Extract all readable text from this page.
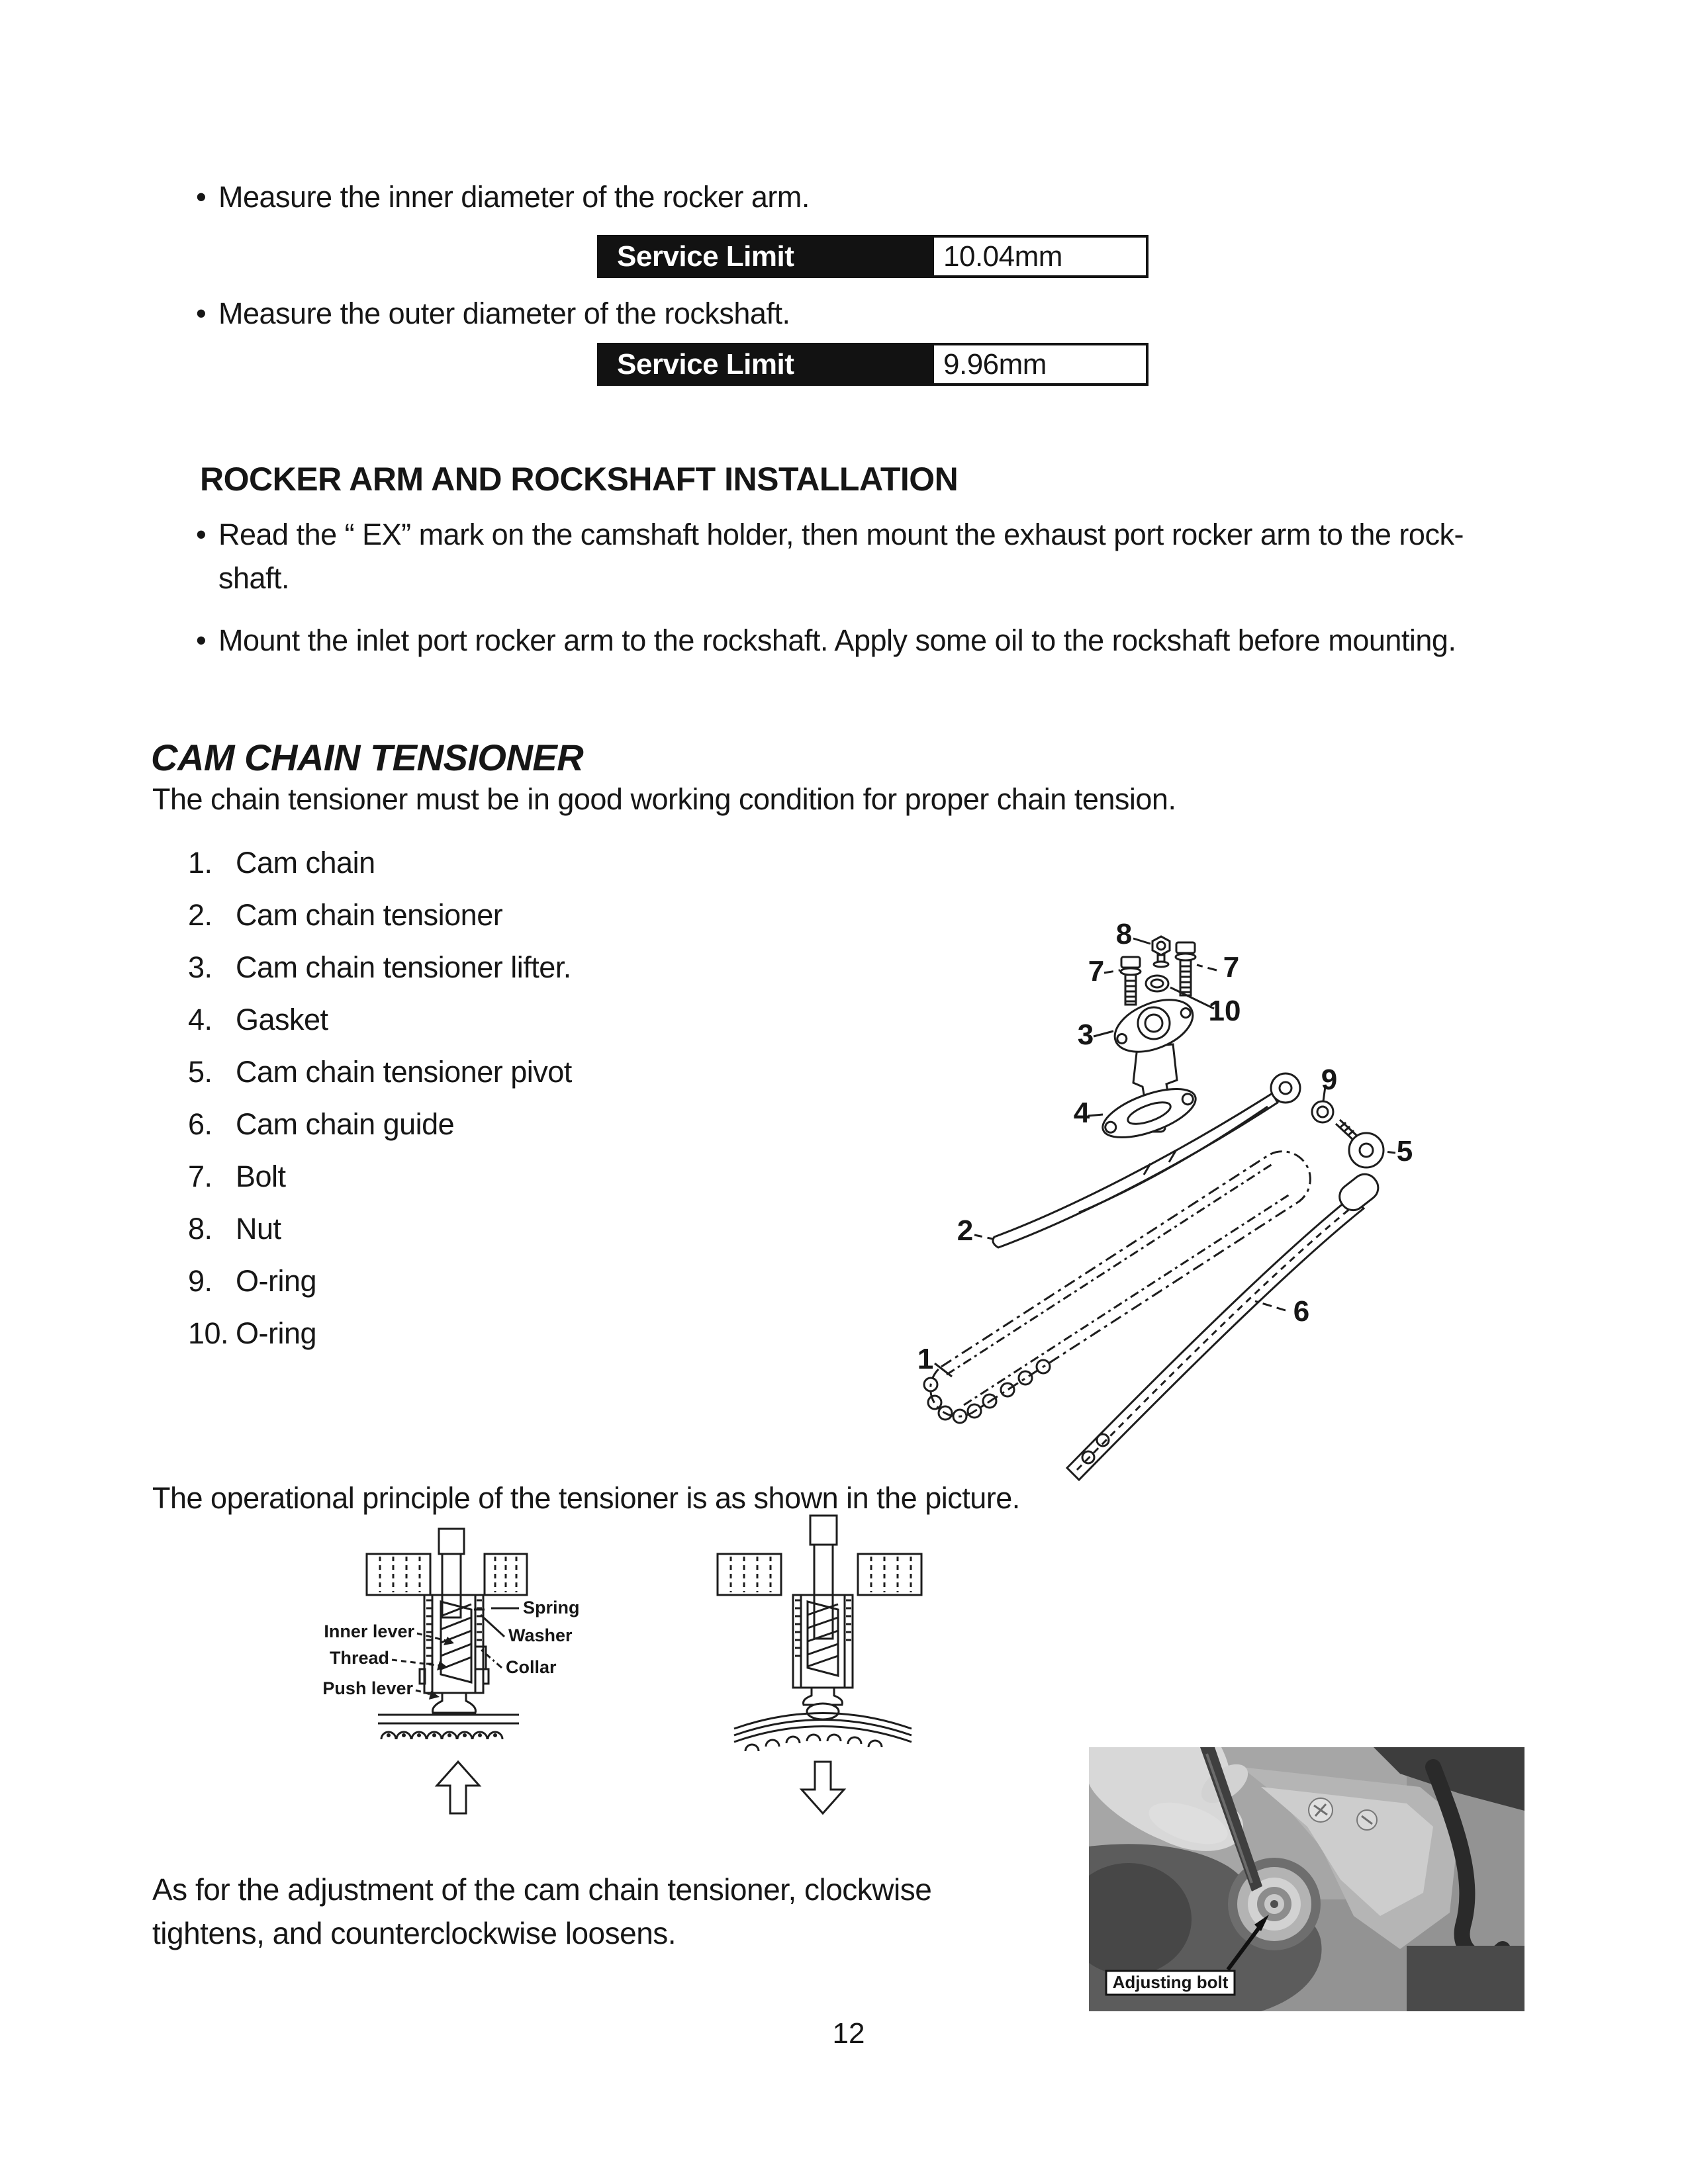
• Measure the inner diameter of the rocker arm.
Service Limit	10.04mm
• Measure the outer diameter of the rockshaft.
Service Limit	9.96mm
ROCKER ARM AND ROCKSHAFT INSTALLATION
• Read the “ EX” mark on the camshaft holder, then mount the exhaust port rocker arm to the rock-
shaft.
• Mount the inlet port rocker arm to the rockshaft. Apply some oil to the rockshaft before mounting.
CAM CHAIN TENSIONER
The chain tensioner must be in good working condition for proper chain tension.
1. Cam chain
2. Cam chain tensioner
3. Cam chain tensioner lifter.
4. Gasket
5. Cam chain tensioner pivot
6. Cam chain guide
7. Bolt
8. Nut
9. O-ring
10. O-ring
8
7	7
10
3
4
9
5
2
1
6
The operational principle of the tensioner is as shown in the picture.
Inner lever
Thread
Push lever
Spring
Washer
Collar
As for the adjustment of the cam chain tensioner, clockwise
tightens, and counterclockwise loosens.
Adjusting bolt
12
